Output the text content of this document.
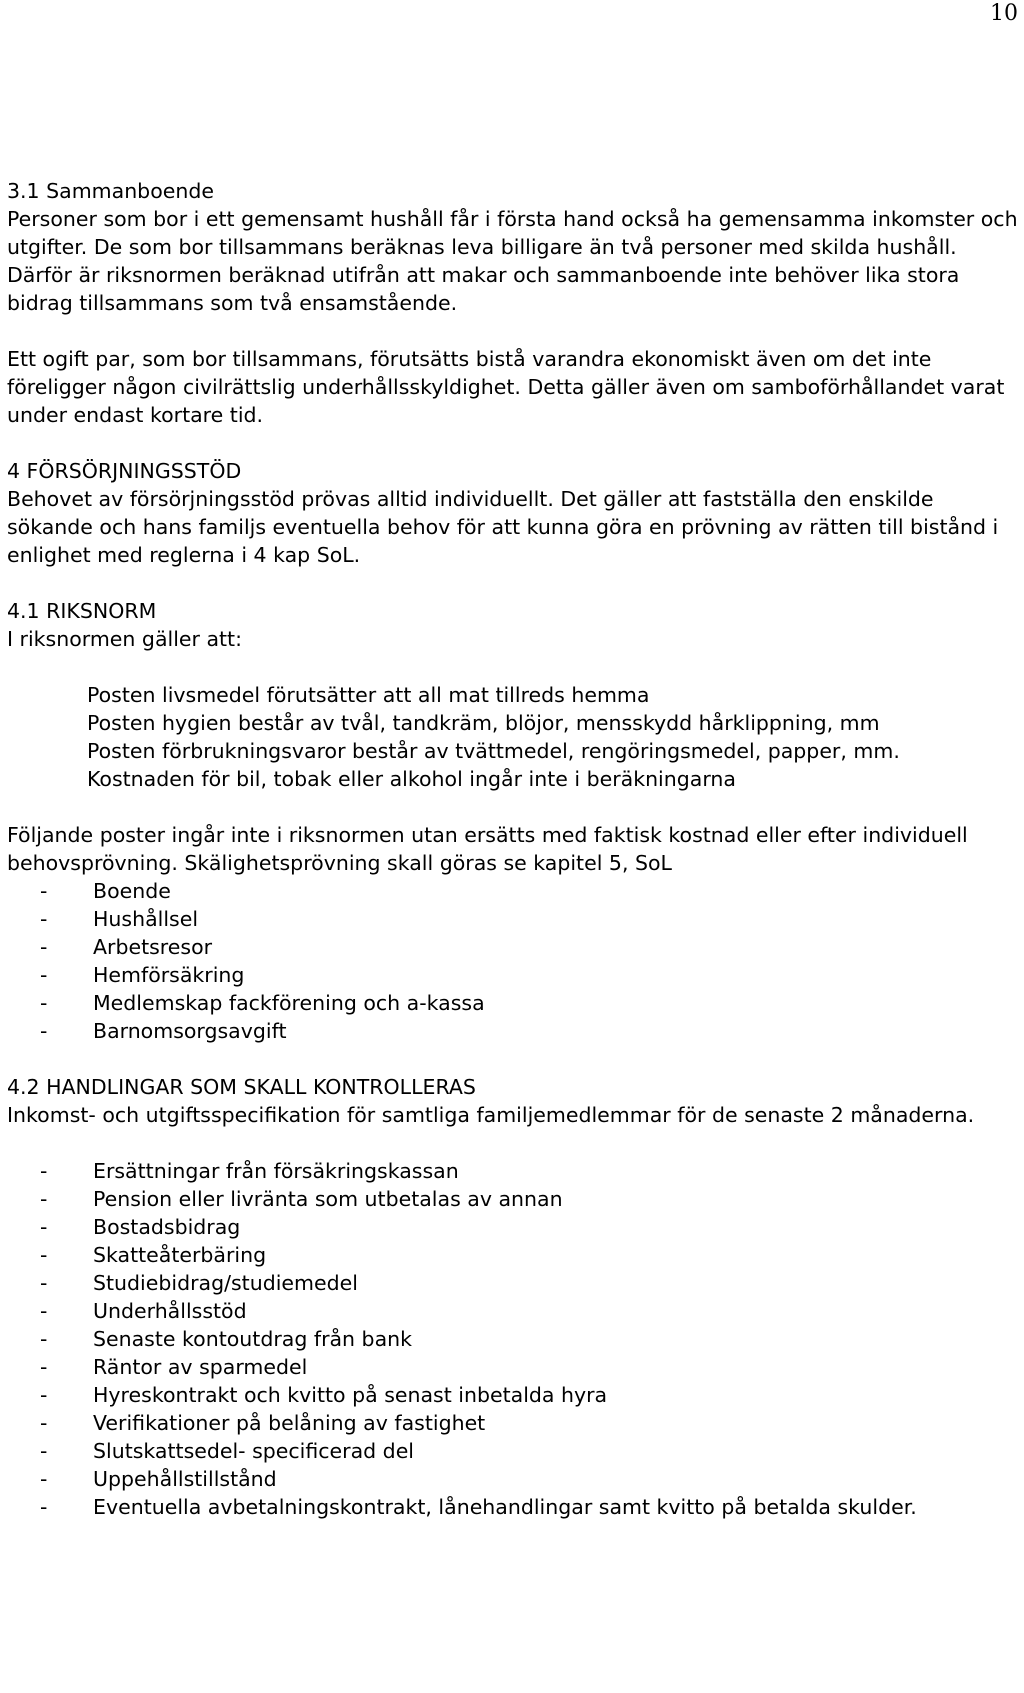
10
3.1 Sammanboende

Personer som bor i ett gemensamt hushåll får i första hand också ha gemensamma inkomster och utgifter. De som bor tillsammans beräknas leva billigare än två personer med skilda hushåll. Därför är riksnormen beräknad utifrån att makar och sammanboende inte behöver lika stora bidrag tillsammans som två ensamstående.

Ett ogift par, som bor tillsammans, förutsätts bistå varandra ekonomiskt även om det inte föreligger någon civilrättslig underhållsskyldighet. Detta gäller även om samboförhållandet varat under endast kortare tid.

4 FÖRSÖRJNINGSSTÖD

Behovet av försörjningsstöd prövas alltid individuellt. Det gäller att fastställa den enskilde sökande och hans familjs eventuella behov för att kunna göra en prövning av rätten till bistånd i enlighet med reglerna i 4 kap SoL.

4.1 RIKSNORM

I riksnormen gäller att:

Posten livsmedel förutsätter att all mat tillreds hemma

Posten hygien består av tvål, tandkräm, blöjor, mensskydd hårklippning, mm

Posten förbrukningsvaror består av tvättmedel, rengöringsmedel, papper, mm.

Kostnaden för bil, tobak eller alkohol ingår inte i beräkningarna

Följande poster ingår inte i riksnormen utan ersätts med faktisk kostnad eller efter individuell behovsprövning. Skälighetsprövning skall göras se kapitel 5, SoL

- Boende
- Hushållsel
- Arbetsresor
- Hemförsäkring
- Medlemskap fackförening och a-kassa
- Barnomsorgsavgift
4.2 HANDLINGAR SOM SKALL KONTROLLERAS

Inkomst- och utgiftsspecifikation för samtliga familjemedlemmar för de senaste 2 månaderna.

- Ersättningar från försäkringskassan
- Pension eller livränta som utbetalas av annan
- Bostadsbidrag
- Skatteåterbäring
- Studiebidrag/studiemedel
- Underhållsstöd
- Senaste kontoutdrag från bank
- Räntor av sparmedel
- Hyreskontrakt och kvitto på senast inbetalda hyra
- Verifikationer på belåning av fastighet
- Slutskattsedel- specificerad del
- Uppehållstillstånd
- Eventuella avbetalningskontrakt, lånehandlingar samt kvitto på betalda skulder.
